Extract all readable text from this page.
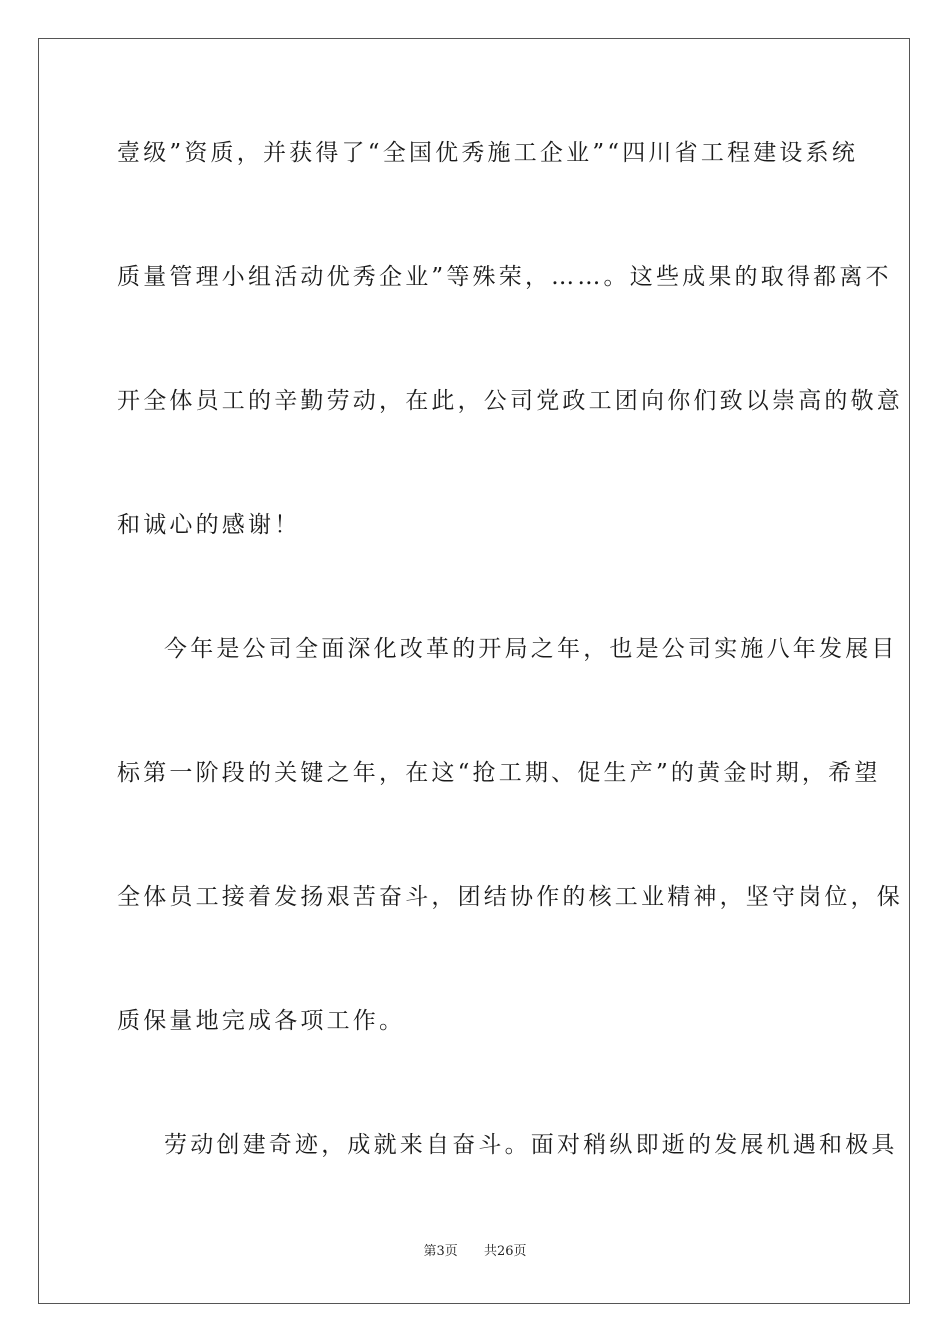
壹级”资质，并获得了“全国优秀施工企业”“四川省工程建设系统
质量管理小组活动优秀企业”等殊荣，……。这些成果的取得都离不
开全体员工的辛勤劳动，在此，公司党政工团向你们致以崇高的敬意
和诚心的感谢！
今年是公司全面深化改革的开局之年，也是公司实施八年发展目
标第一阶段的关键之年，在这“抢工期、促生产”的黄金时期，希望
全体员工接着发扬艰苦奋斗，团结协作的核工业精神，坚守岗位，保
质保量地完成各项工作。
劳动创建奇迹，成就来自奋斗。面对稍纵即逝的发展机遇和极具
第3页 共26页
